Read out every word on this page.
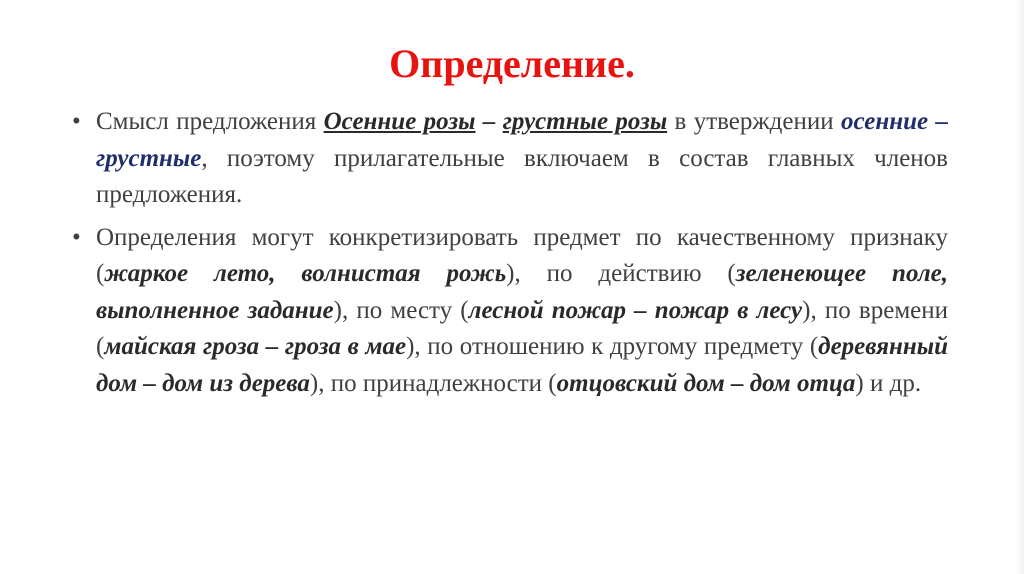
Определение.
• Смысл предложения Осенние розы – грустные розы в утверждении осенние – грустные, поэтому прилагательные включаем в состав главных членов предложения.
• Определения могут конкретизировать предмет по качественному признаку (жаркое лето, волнистая рожь), по действию (зеленеющее поле, выполненное задание), по месту (лесной пожар – пожар в лесу), по времени (майская гроза – гроза в мае), по отношению к другому предмету (деревянный дом – дом из дерева), по принадлежности (отцовский дом – дом отца) и др.
